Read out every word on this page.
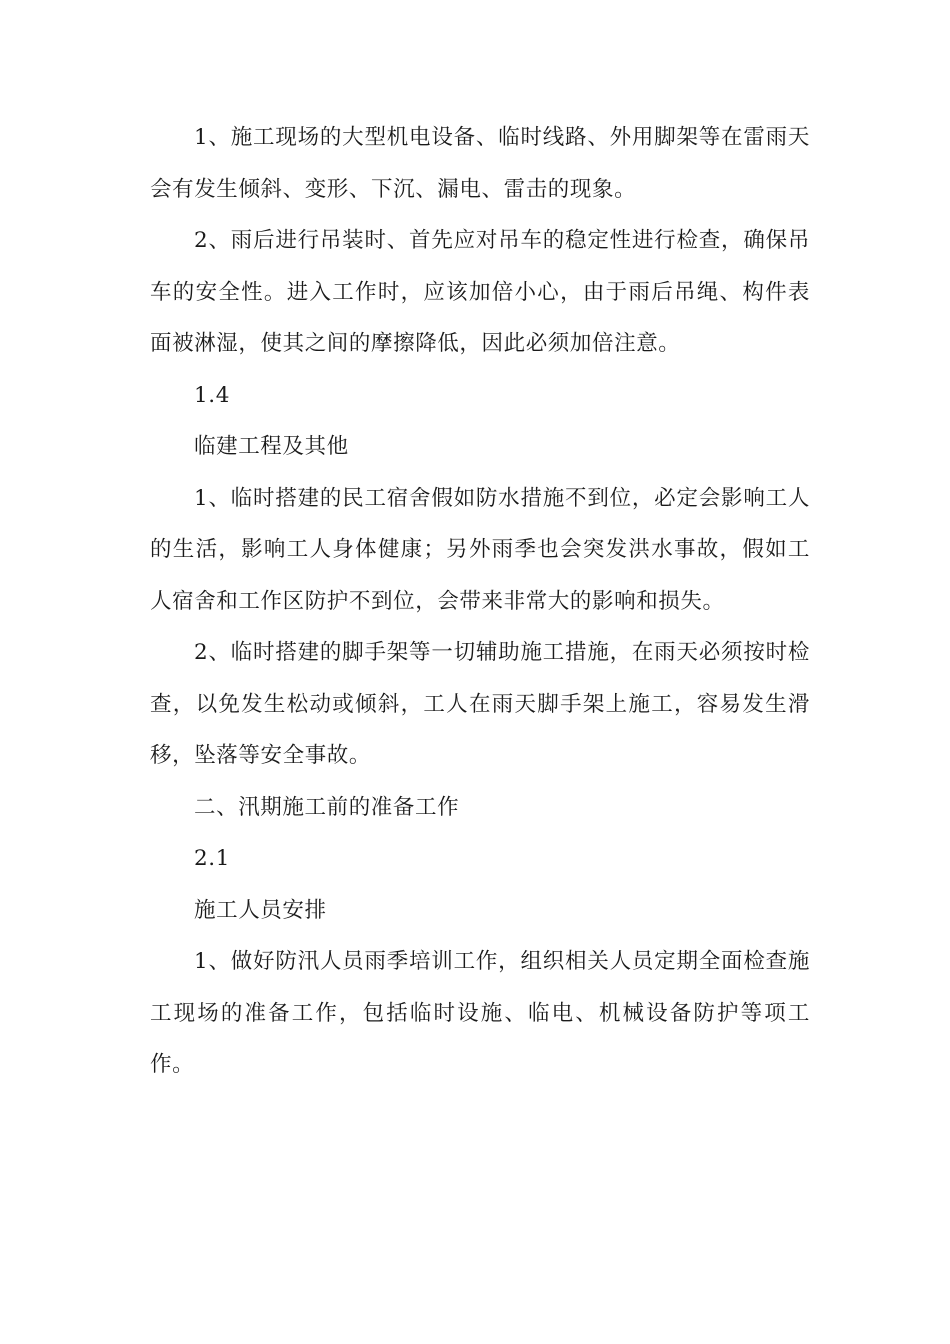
1、施工现场的大型机电设备、临时线路、外用脚架等在雷雨天会有发生倾斜、变形、下沉、漏电、雷击的现象。

2、雨后进行吊装时、首先应对吊车的稳定性进行检查，确保吊车的安全性。进入工作时，应该加倍小心，由于雨后吊绳、构件表面被淋湿，使其之间的摩擦降低，因此必须加倍注意。

1.4

临建工程及其他

1、临时搭建的民工宿舍假如防水措施不到位，必定会影响工人的生活，影响工人身体健康；另外雨季也会突发洪水事故，假如工人宿舍和工作区防护不到位，会带来非常大的影响和损失。

2、临时搭建的脚手架等一切辅助施工措施，在雨天必须按时检查，以免发生松动或倾斜，工人在雨天脚手架上施工，容易发生滑移，坠落等安全事故。

二、汛期施工前的准备工作

2.1

施工人员安排

1、做好防汛人员雨季培训工作，组织相关人员定期全面检查施工现场的准备工作，包括临时设施、临电、机械设备防护等项工作。
